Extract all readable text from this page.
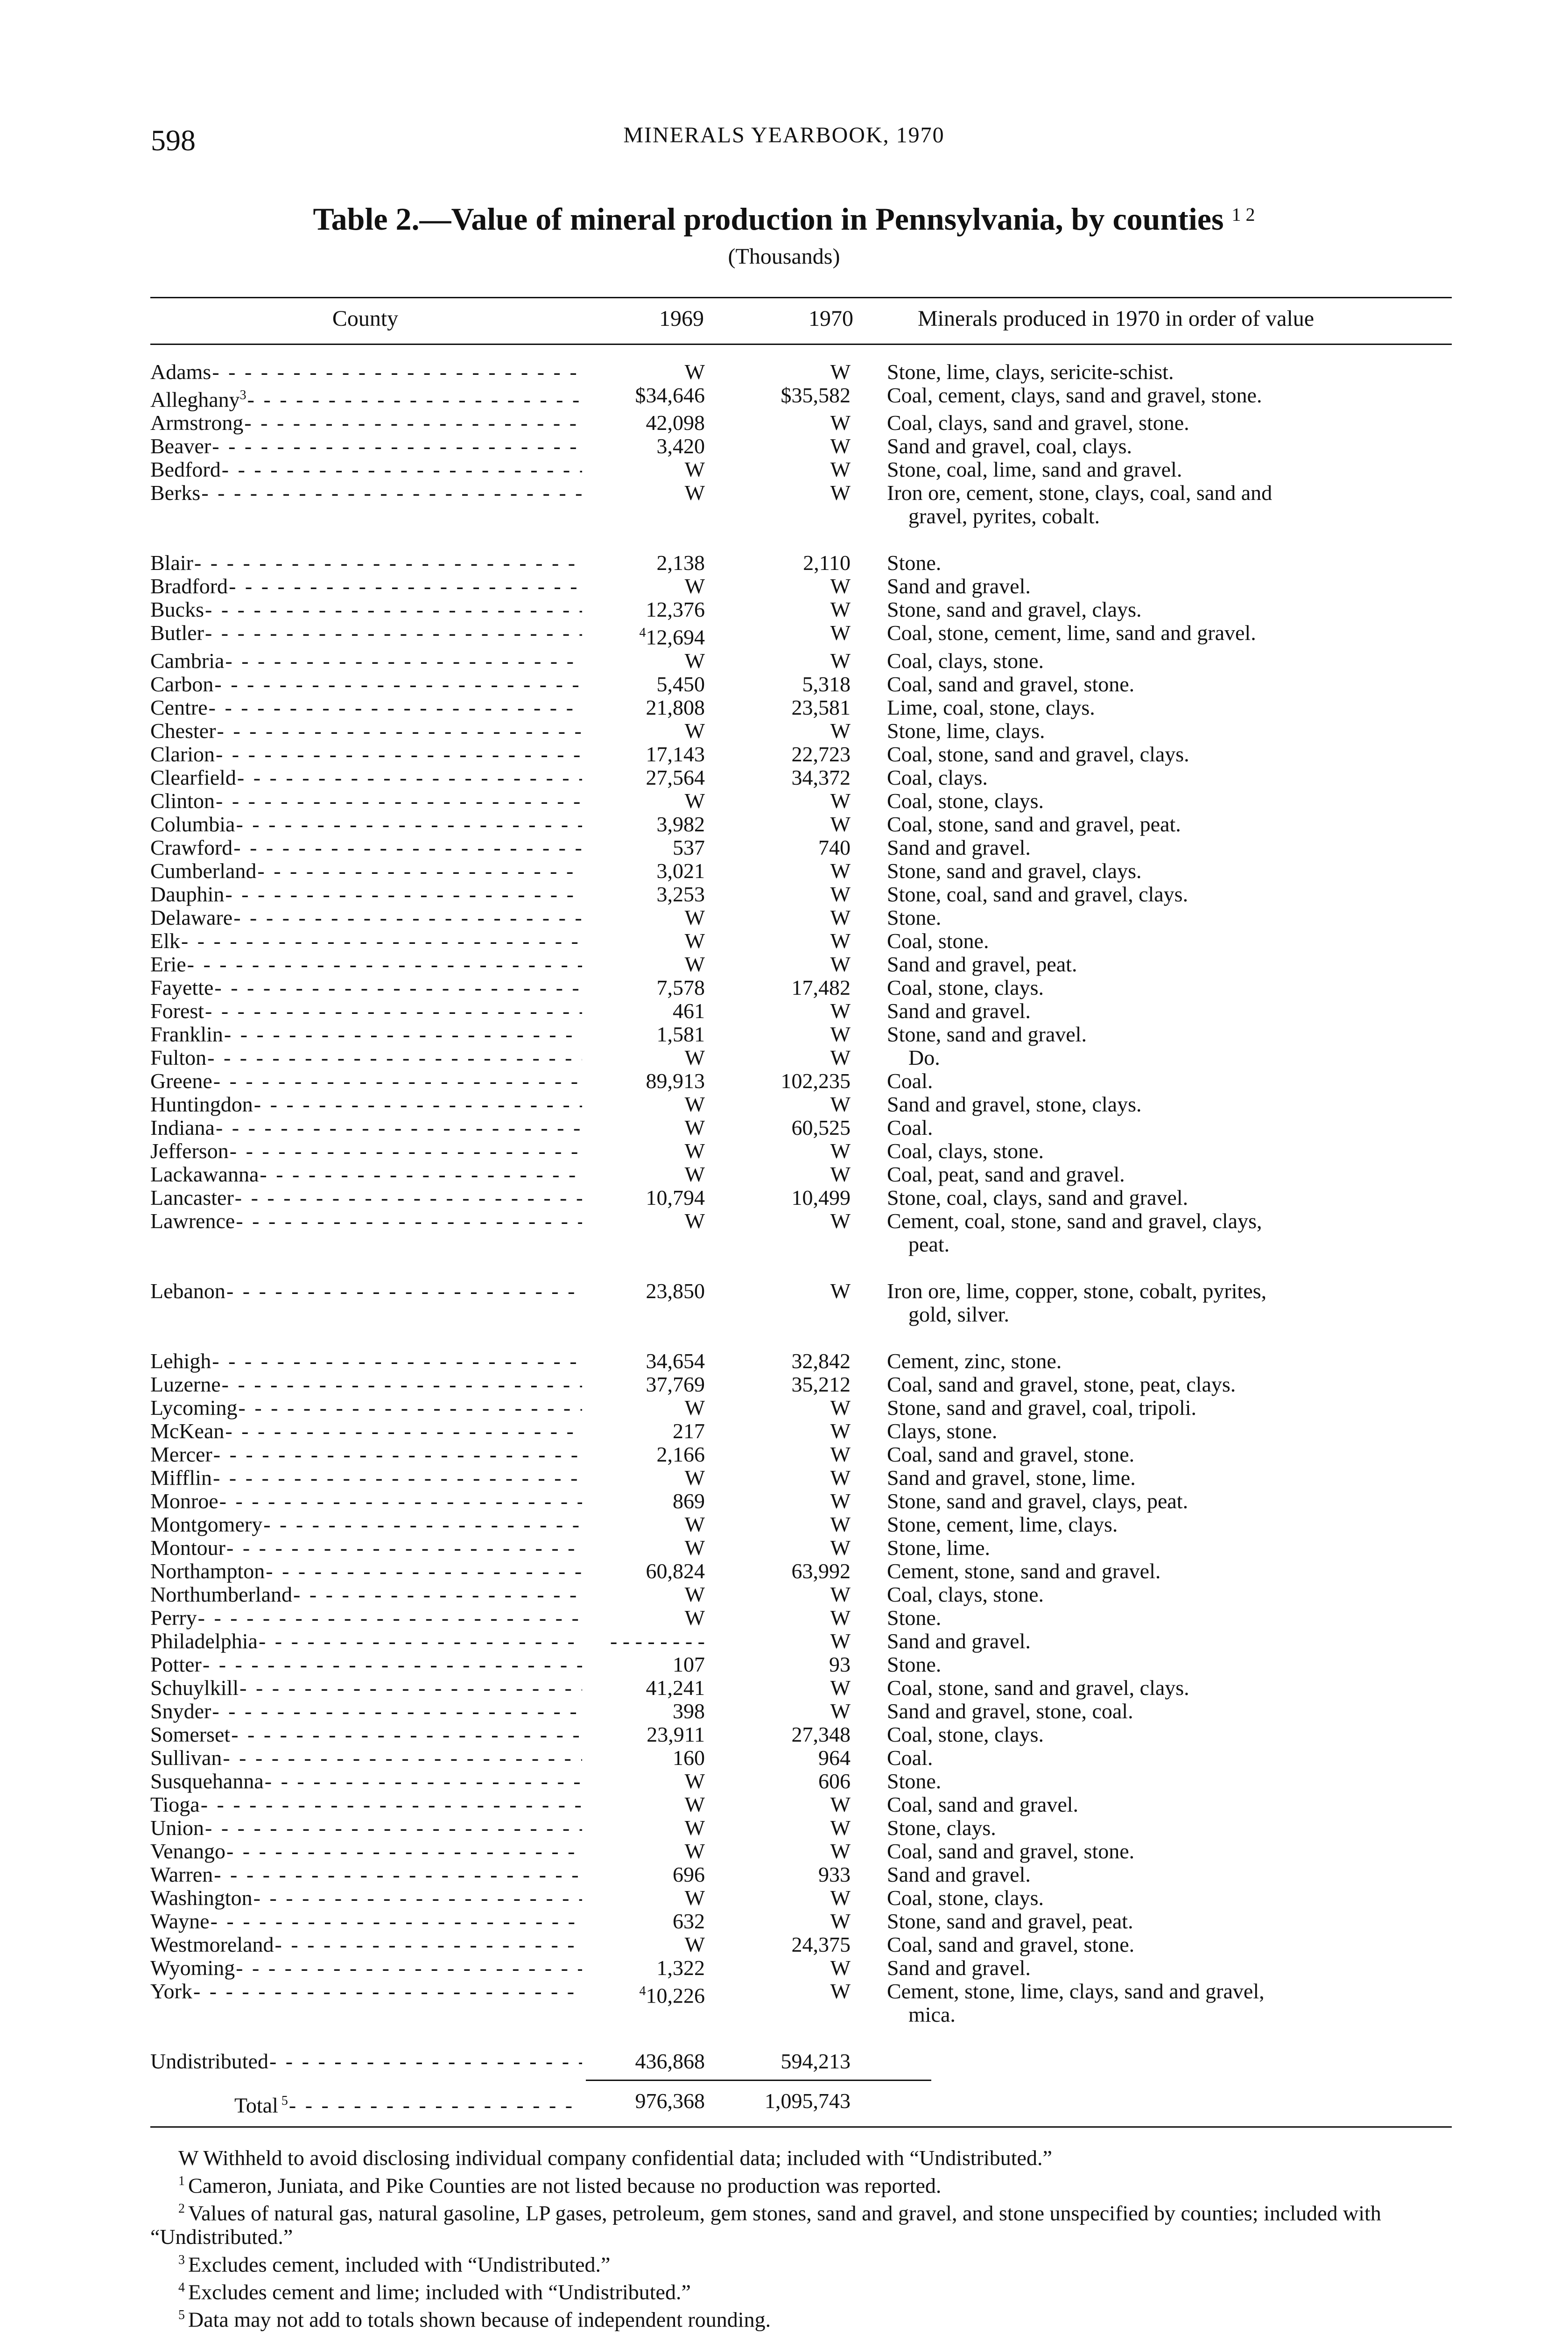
598	MINERALS YEARBOOK, 1970
Table 2.—Value of mineral production in Pennsylvania, by counties $^{1 2}$
(Thousands)
County	1969	1970	Minerals produced in 1970 in order of value
Adams - - -	W	W Stone, lime, clays, sericite-schist.
Alleghany$^3$ - - -	$34,646	$35,582 Coal, cement, clays, sand and gravel, stone.
Armstrong - - -	42,098	W Coal, clays, sand and gravel, stone.
Beaver - - -	3,420	W Sand and gravel, coal, clays.
Bedford - - -	W	W Stone, coal, lime, sand and gravel.
Berks - - -	W	W Iron ore, cement, stone, clays, coal, sand and
gravel, pyrites, cobalt.
Blair - - -	2,138	2,110 Stone.
Bradford - - -	W	W Sand and gravel.
Bucks - - -	12,376	W Stone, sand and gravel, clays.
Butler - - -	$^4$12,694	W Coal, stone, cement, lime, sand and gravel.
Cambria - - -	W	W Coal, clays, stone.
Carbon - - -	5,450	5,318 Coal, sand and gravel, stone.
Centre - - -	21,808	23,581 Lime, coal, stone, clays.
Chester - - -	W	W Stone, lime, clays.
Clarion - - -	17,143	22,723 Coal, stone, sand and gravel, clays.
Clearfield - - -	27,564	34,372 Coal, clays.
Clinton - - -	W	W Coal, stone, clays.
Columbia - - -	3,982	W Coal, stone, sand and gravel, peat.
Crawford - - -	537	740 Sand and gravel.
Cumberland - - -	3,021	W Stone, sand and gravel, clays.
Dauphin - - -	3,253	W Stone, coal, sand and gravel, clays.
Delaware - - -	W	W Stone.
Elk - - -	W	W Coal, stone.
Erie - - -	W	W Sand and gravel, peat.
Fayette - - -	7,578	17,482 Coal, stone, clays.
Forest - - -	461	W Sand and gravel.
Franklin - - -	1,581	W Stone, sand and gravel.
Fulton - - -	W	W Do.
Greene - - -	89,913	102,235 Coal.
Huntingdon - - -	W	W Sand and gravel, stone, clays.
Indiana - - -	W	60,525 Coal.
Jefferson - - -	W	W Coal, clays, stone.
Lackawanna - - -	W	W Coal, peat, sand and gravel.
Lancaster - - -	10,794	10,499 Stone, coal, clays, sand and gravel.
Lawrence - - -	W	W Cement, coal, stone, sand and gravel, clays,
peat.
Lebanon - - -	23,850	W Iron ore, lime, copper, stone, cobalt, pyrites,
gold, silver.
Lehigh - - -	34,654	32,842 Cement, zinc, stone.
Luzerne - - -	37,769	35,212 Coal, sand and gravel, stone, peat, clays.
Lycoming - - -	W	W Stone, sand and gravel, coal, tripoli.
McKean - - -	217	W Clays, stone.
Mercer - - -	2,166	W Coal, sand and gravel, stone.
Mifflin - - -	W	W Sand and gravel, stone, lime.
Monroe - - -	869	W Stone, sand and gravel, clays, peat.
Montgomery - - -	W	W Stone, cement, lime, clays.
Montour - - -	W	W Stone, lime.
Northampton - - -	60,824	63,992 Cement, stone, sand and gravel.
Northumberland - - -	W	W Coal, clays, stone.
Perry - - -	W	W Stone.
Philadelphia - - -	- - - - - - - -	W Sand and gravel.
Potter - - -	107	93 Stone.
Schuylkill - - -	41,241	W Coal, stone, sand and gravel, clays.
Snyder - - -	398	W Sand and gravel, stone, coal.
Somerset - - -	23,911	27,348 Coal, stone, clays.
Sullivan - - -	160	964 Coal.
Susquehanna - - -	W	606 Stone.
Tioga - - -	W	W Coal, sand and gravel.
Union - - -	W	W Stone, clays.
Venango - - -	W	W Coal, sand and gravel, stone.
Warren - - -	696	933 Sand and gravel.
Washington - - -	W	W Coal, stone, clays.
Wayne - - -	632	W Stone, sand and gravel, peat.
Westmoreland - - -	W	24,375 Coal, sand and gravel, stone.
Wyoming - - -	1,322	W Sand and gravel.
York - - -	$^4$10,226	W Cement, stone, lime, clays, sand and gravel,
mica.
Undistributed - - -	436,868	594,213
Total $^5$ - - -	976,368	1,095,743
W Withheld to avoid disclosing individual company confidential data; included with “Undistributed.”
$^1$ Cameron, Juniata, and Pike Counties are not listed because no production was reported.
$^2$ Values of natural gas, natural gasoline, LP gases, petroleum, gem stones, sand and gravel, and stone unspecified by counties; included with “Undistributed.”
$^3$ Excludes cement, included with “Undistributed.”
$^4$ Excludes cement and lime; included with “Undistributed.”
$^5$ Data may not add to totals shown because of independent rounding.
